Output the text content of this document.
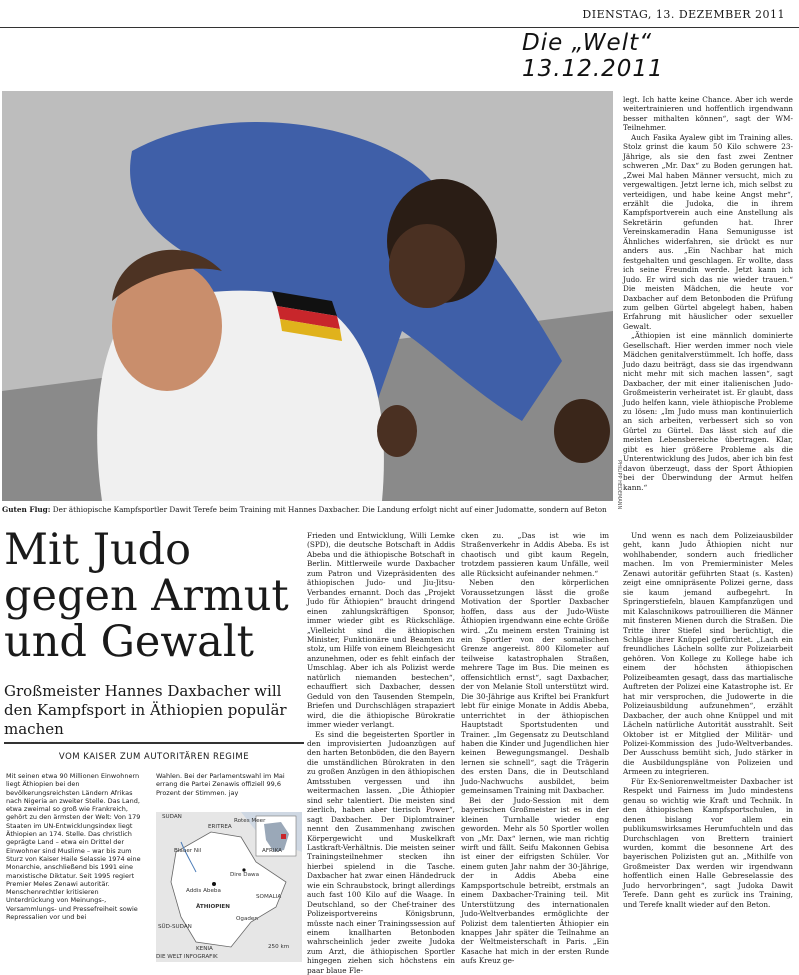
DIENSTAG, 13. DEZEMBER 2011
Die „Welt“ 13.12.2011
PHILIPP HEDEMANN
Guten Flug: Der äthiopische Kampfsportler Dawit Terefe beim Training mit Hannes Daxbacher. Die Landung erfolgt nicht auf einer Judomatte, sondern auf Beton
Mit Judo
gegen Armut
und Gewalt

Großmeister Hannes Daxbacher will den Kampfsport in Äthiopien populär machen

VOM KAISER ZUM AUTORITÄREN REGIME
Mit seinen etwa 90 Millionen Einwohnern liegt Äthiopien bei den bevölkerungsreichsten Ländern Afrikas nach Nigeria an zweiter Stelle. Das Land, etwa zweimal so groß wie Frankreich, gehört zu den ärmsten der Welt: Von 179 Staaten im UN-Entwicklungsindex liegt Äthiopien an 174. Stelle. Das christlich geprägte Land – etwa ein Drittel der Einwohner sind Muslime – war bis zum Sturz von Kaiser Haile Selassie 1974 eine Monarchie, anschließend bis 1991 eine marxistische Diktatur. Seit 1995 regiert Premier Meles Zenawi autoritär. Menschenrechtler kritisieren Unterdrückung von Meinungs-, Versammlungs- und Pressefreiheit sowie Repressalien vor und bei
Wahlen. Bei der Parlamentswahl im Mai errang die Partei Zenawis offiziell 99,6 Prozent der Stimmen. jay
SUDAN
ERITREA
Rotes Meer
AFRIKA
Blauer Nil
Dire Dawa
Addis Abeba
SOMALIA
ÄTHIOPIEN
SÜD-SUDAN
Ogaden
KENIA	250 km
DIE WELT INFOGRAFIK

Frieden und Entwicklung, Willi Lemke (SPD), die deutsche Botschaft in Addis Abeba und die äthiopische Botschaft in Berlin. Mittlerweile wurde Daxbacher zum Patron und Vizepräsidenten des äthiopischen Judo- und Jiu-Jitsu-Verbandes ernannt. Doch das „Projekt Judo für Äthiopien“ braucht dringend einen zahlungskräftigen Sponsor, immer wieder gibt es Rückschläge. „Vielleicht sind die äthiopischen Minister, Funktionäre und Beamten zu stolz, um Hilfe von einem Bleichgesicht anzunehmen, oder es fehlt einfach der Umschlag. Aber ich als Polizist werde natürlich niemanden bestechen“, echauffiert sich Daxbacher, dessen Geduld von den Tausenden Stempeln, Briefen und Durchschlägen strapaziert wird, die die äthiopische Bürokratie immer wieder verlangt.

Es sind die begeisterten Sportler in den improvisierten Judoanzügen auf den harten Betonböden, die den Bayern die umständlichen Bürokraten in den zu großen Anzügen in den äthiopischen Amtsstuben vergessen und ihn weitermachen lassen. „Die Äthiopier sind sehr talentiert. Die meisten sind zierlich, haben aber tierisch Power“, sagt Daxbacher. Der Diplomtrainer nennt den Zusammenhang zwischen Körpergewicht und Muskelkraft Lastkraft-Verhältnis. Die meisten seiner Trainingsteilnehmer stecken ihn hierbei spielend in die Tasche. Daxbacher hat zwar einen Händedruck wie ein Schraubstock, bringt allerdings auch fast 100 Kilo auf die Waage. In Deutschland, so der Chef-trainer des Polizeisportvereins Königsbrunn, müsste nach einer Trainingssession auf einem knallharten Betonboden wahrscheinlich jeder zweite Judoka zum Arzt, die äthiopischen Sportler hingegen ziehen sich höchstens ein paar blaue Fle-

cken zu. „Das ist wie im Straßenverkehr in Addis Abeba. Es ist chaotisch und gibt kaum Regeln, trotzdem passieren kaum Unfälle, weil alle Rücksicht aufeinander nehmen.“

Neben den körperlichen Voraussetzungen lässt die große Motivation der Sportler Daxbacher hoffen, dass aus der Judo-Wüste Äthiopien irgendwann eine echte Größe wird. „Zu meinem ersten Training ist ein Sportler von der somalischen Grenze angereist. 800 Kilometer auf teilweise katastrophalen Straßen, mehrere Tage im Bus. Die meinen es offensichtlich ernst“, sagt Daxbacher, der von Melanie Stoll unterstützt wird. Die 30-Jährige aus Kriftel bei Frankfurt lebt für einige Monate in Addis Abeba, unterrichtet in der äthiopischen Hauptstadt Sportstudenten und Trainer. „Im Gegensatz zu Deutschland haben die Kinder und Jugendlichen hier keinen Bewegungsmangel. Deshalb lernen sie schnell“, sagt die Trägerin des ersten Dans, die in Deutschland Judo-Nachwuchs ausbildet, beim gemeinsamen Training mit Daxbacher.

Bei der Judo-Session mit dem bayerischen Großmeister ist es in der kleinen Turnhalle wieder eng geworden. Mehr als 50 Sportler wollen von „Mr. Dax“ lernen, wie man richtig wirft und fällt. Seifu Makonnen Gebisa ist einer der eifrigsten Schüler. Vor einem guten Jahr nahm der 30-Jährige, der in Addis Abeba eine Kampsportschule betreibt, erstmals an einem Daxbacher-Training teil. Mit Unterstützung des internationalen Judo-Weltverbandes ermöglichte der Polizist dem talentierten Äthiopier ein knappes Jahr später die Teilnahme an der Weltmeisterschaft in Paris. „Ein Kasache hat mich in der ersten Runde aufs Kreuz ge-

legt. Ich hatte keine Chance. Aber ich werde weitertrainieren und hoffentlich irgendwann besser mithalten können“, sagt der WM-Teilnehmer.

Auch Fasika Ayalew gibt im Training alles. Stolz grinst die kaum 50 Kilo schwere 23-Jährige, als sie den fast zwei Zentner schweren „Mr. Dax“ zu Boden gerungen hat. „Zwei Mal haben Männer versucht, mich zu vergewaltigen. Jetzt lerne ich, mich selbst zu verteidigen, und habe keine Angst mehr“, erzählt die Judoka, die in ihrem Kampfsportverein auch eine Anstellung als Sekretärin gefunden hat. Ihrer Vereinskameradin Hana Semunigusse ist Ähnliches widerfahren, sie drückt es nur anders aus. „Ein Nachbar hat mich festgehalten und geschlagen. Er wollte, dass ich seine Freundin werde. Jetzt kann ich Judo. Er wird sich das nie wieder trauen.“ Die meisten Mädchen, die heute vor Daxbacher auf dem Betonboden die Prüfung zum gelben Gürtel abgelegt haben, haben Erfahrung mit häuslicher oder sexueller Gewalt.

„Äthiopien ist eine männlich dominierte Gesellschaft. Hier werden immer noch viele Mädchen genitalverstümmelt. Ich hoffe, dass Judo dazu beiträgt, dass sie das irgendwann nicht mehr mit sich machen lassen“, sagt Daxbacher, der mit einer italienischen Judo-Großmeisterin verheiratet ist. Er glaubt, dass Judo helfen kann, viele äthiopische Probleme zu lösen: „Im Judo muss man kontinuierlich an sich arbeiten, verbessert sich so von Gürtel zu Gürtel. Das lässt sich auf die meisten Lebensbereiche übertragen. Klar, gibt es hier größere Probleme als die Unterentwicklung des Judos, aber ich bin fest davon überzeugt, dass der Sport Äthiopien bei der Überwindung der Armut helfen kann.“

Und wenn es nach dem Polizeiausbilder geht, kann Judo Äthiopien nicht nur wohlhabender, sondern auch friedlicher machen. Im von Premierminister Meles Zenawi autoritär geführten Staat (s. Kasten) zeigt eine omnipräsente Polizei gerne, dass sie kaum jemand aufbegehrt. In Springerstiefeln, blauen Kampfanzügen und mit Kalaschnikows patrouillieren die Männer mit finsteren Mienen durch die Straßen. Die Tritte ihrer Stiefel sind berüchtigt, die Schläge ihrer Knüppel gefürchtet. „Lach ein freundliches Lächeln sollte zur Polizeiarbeit gehören. Von Kollege zu Kollege habe ich einem der höchsten äthiopischen Polizeibeamten gesagt, dass das martialische Auftreten der Polizei eine Katastrophe ist. Er hat mir versprochen, die Judowerte in die Polizeiausbildung aufzunehmen“, erzählt Daxbacher, der auch ohne Knüppel und mit Lächeln natürliche Autorität ausstrahlt. Seit Oktober ist er Mitglied der Militär- und Polizei-Kommission des Judo-Weltverbandes. Der Ausschuss bemüht sich, Judo stärker in die Ausbildungspläne von Polizeien und Armeen zu integrieren.

Für Ex-Seniorenweltmeister Daxbacher ist Respekt und Fairness im Judo mindestens genau so wichtig wie Kraft und Technik. In den äthiopischen Kampfsportschulen, in denen bislang vor allem ein publikumswirksames Herumfuchteln und das Durchschlagen von Brettern trainiert wurden, kommt die besonnene Art des bayerischen Polizisten gut an. „Mithilfe von Großmeister Dax werden wir irgendwann hoffentlich einen Halle Gebreselassie des Judo hervorbringen“, sagt Judoka Dawit Terefe. Dann geht es zurück ins Training, und Terefe knallt wieder auf den Beton.
